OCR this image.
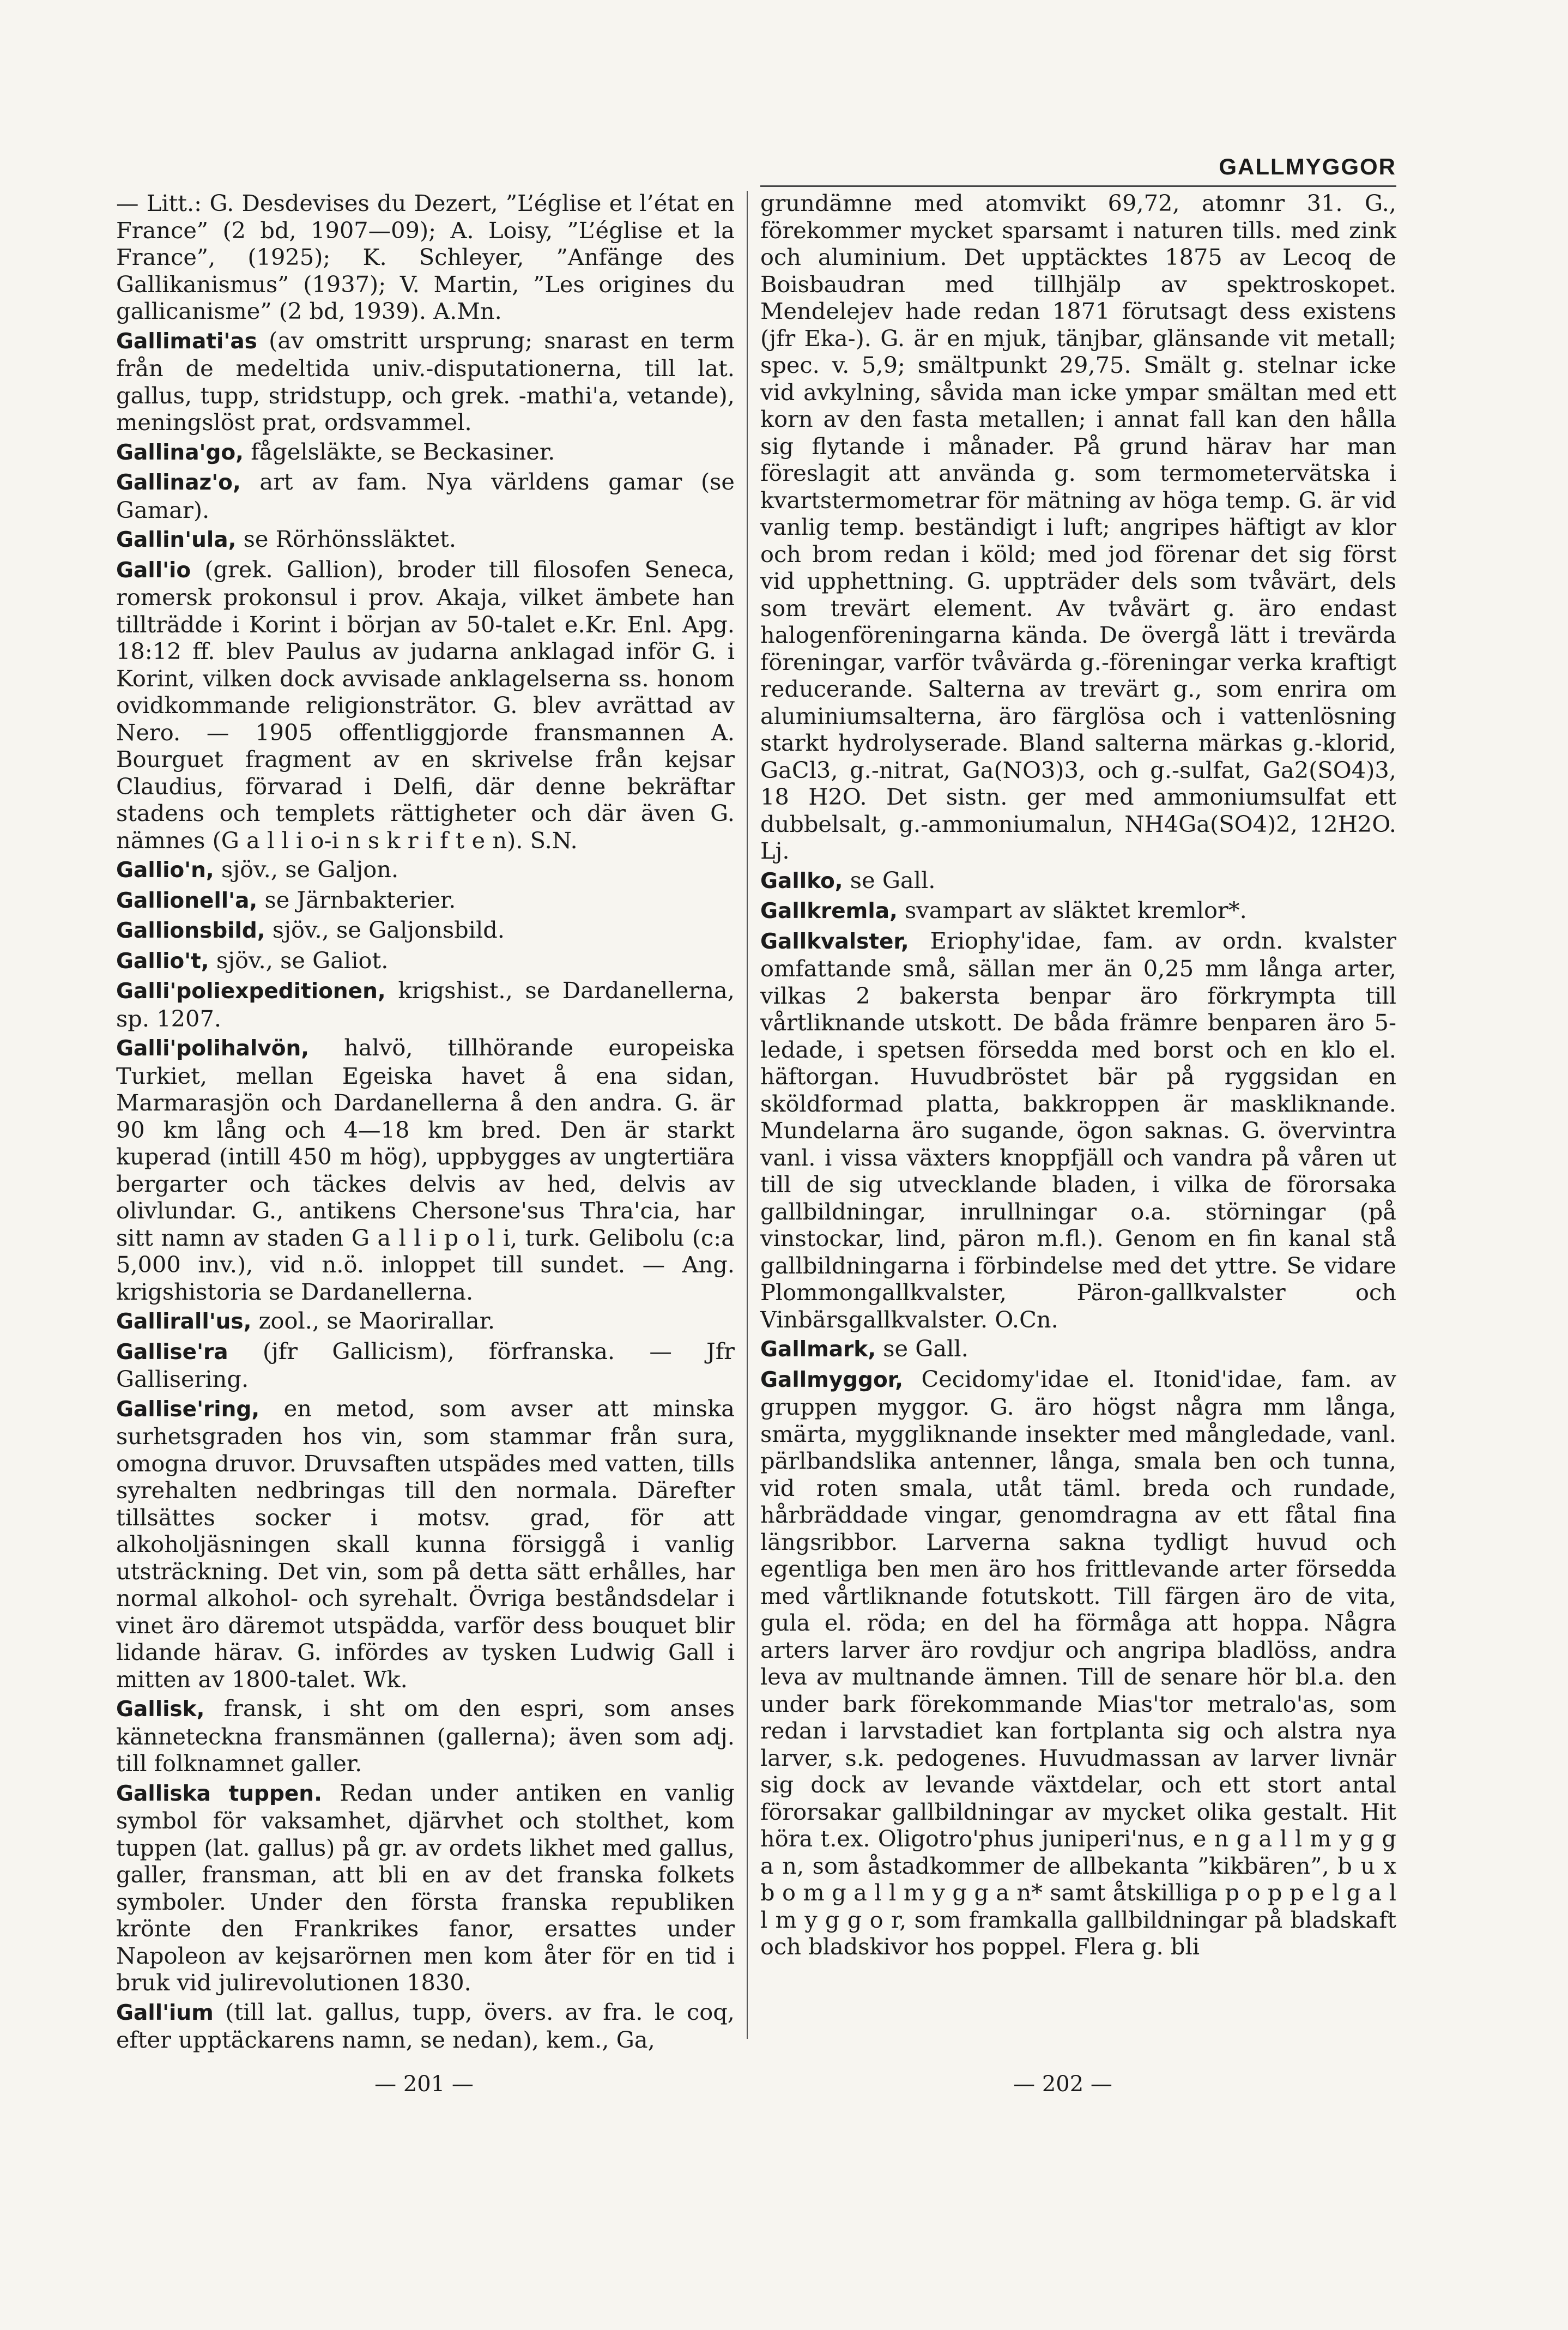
GALLMYGGOR

— Litt.: G. Desdevises du Dezert, ”L’église et l’état en France” (2 bd, 1907—09); A. Loisy, ”L’église et la France”, (1925); K. Schleyer, ”Anfänge des Gallikanismus” (1937); V. Martin, ”Les origines du gallicanisme” (2 bd, 1939). A.Mn.

Gallimati'as (av omstritt ursprung; snarast en term från de medeltida univ.-disputationerna, till lat. gallus, tupp, stridstupp, och grek. -mathi'a, vetande), meningslöst prat, ordsvammel.

Gallina'go, fågelsläkte, se Beckasiner.

Gallinaz'o, art av fam. Nya världens gamar (se Gamar).

Gallin'ula, se Rörhönssläktet.

Gall'io (grek. Gallion), broder till filosofen Seneca, romersk prokonsul i prov. Akaja, vilket ämbete han tillträdde i Korint i början av 50-talet e.Kr. Enl. Apg. 18:12 ff. blev Paulus av judarna anklagad inför G. i Korint, vilken dock avvisade anklagelserna ss. honom ovidkommande religionsträtor. G. blev avrättad av Nero. — 1905 offentliggjorde fransmannen A. Bourguet fragment av en skrivelse från kejsar Claudius, förvarad i Delfi, där denne bekräftar stadens och templets rättigheter och där även G. nämnes (G a l l i o-i n s k r i f t e n). S.N.

Gallio'n, sjöv., se Galjon.

Gallionell'a, se Järnbakterier.

Gallionsbild, sjöv., se Galjonsbild.

Gallio't, sjöv., se Galiot.

Galli'poliexpeditionen, krigshist., se Dardanellerna, sp. 1207.

Galli'polihalvön, halvö, tillhörande europeiska Turkiet, mellan Egeiska havet å ena sidan, Marmarasjön och Dardanellerna å den andra. G. är 90 km lång och 4—18 km bred. Den är starkt kuperad (intill 450 m hög), uppbygges av ungtertiära bergarter och täckes delvis av hed, delvis av olivlundar. G., antikens Chersone'sus Thra'cia, har sitt namn av staden G a l l i p o l i, turk. Gelibolu (c:a 5,000 inv.), vid n.ö. inloppet till sundet. — Ang. krigshistoria se Dardanellerna.

Gallirall'us, zool., se Maorirallar.

Gallise'ra (jfr Gallicism), förfranska. — Jfr Gallisering.

Gallise'ring, en metod, som avser att minska surhetsgraden hos vin, som stammar från sura, omogna druvor. Druvsaften utspädes med vatten, tills syrehalten nedbringas till den normala. Därefter tillsättes socker i motsv. grad, för att alkoholjäsningen skall kunna försiggå i vanlig utsträckning. Det vin, som på detta sätt erhålles, har normal alkohol- och syrehalt. Övriga beståndsdelar i vinet äro däremot utspädda, varför dess bouquet blir lidande härav. G. infördes av tysken Ludwig Gall i mitten av 1800-talet. Wk.

Gallisk, fransk, i sht om den espri, som anses känneteckna fransmännen (gallerna); även som adj. till folknamnet galler.

Galliska tuppen. Redan under antiken en vanlig symbol för vaksamhet, djärvhet och stolthet, kom tuppen (lat. gallus) på gr. av ordets likhet med gallus, galler, fransman, att bli en av det franska folkets symboler. Under den första franska republiken krönte den Frankrikes fanor, ersattes under Napoleon av kejsarörnen men kom åter för en tid i bruk vid julirevolutionen 1830.

Gall'ium (till lat. gallus, tupp, övers. av fra. le coq, efter upptäckarens namn, se nedan), kem., Ga,

grundämne med atomvikt 69,72, atomnr 31. G., förekommer mycket sparsamt i naturen tills. med zink och aluminium. Det upptäcktes 1875 av Lecoq de Boisbaudran med tillhjälp av spektroskopet. Mendelejev hade redan 1871 förutsagt dess existens (jfr Eka-). G. är en mjuk, tänjbar, glänsande vit metall; spec. v. 5,9; smältpunkt 29,75. Smält g. stelnar icke vid avkylning, såvida man icke ympar smältan med ett korn av den fasta metallen; i annat fall kan den hålla sig flytande i månader. På grund härav har man föreslagit att använda g. som termometervätska i kvartstermometrar för mätning av höga temp. G. är vid vanlig temp. beständigt i luft; angripes häftigt av klor och brom redan i köld; med jod förenar det sig först vid upphettning. G. uppträder dels som tvåvärt, dels som trevärt element. Av tvåvärt g. äro endast halogenföreningarna kända. De övergå lätt i trevärda föreningar, varför tvåvärda g.-föreningar verka kraftigt reducerande. Salterna av trevärt g., som enrira om aluminiumsalterna, äro färglösa och i vattenlösning starkt hydrolyserade. Bland salterna märkas g.-klorid, GaCl3, g.-nitrat, Ga(NO3)3, och g.-sulfat, Ga2(SO4)3, 18 H2O. Det sistn. ger med ammoniumsulfat ett dubbelsalt, g.-ammoniumalun, NH4Ga(SO4)2, 12H2O. Lj.

Gallko, se Gall.

Gallkremla, svampart av släktet kremlor*.

Gallkvalster, Eriophy'idae, fam. av ordn. kvalster omfattande små, sällan mer än 0,25 mm långa arter, vilkas 2 bakersta benpar äro förkrympta till vårtliknande utskott. De båda främre benparen äro 5-ledade, i spetsen försedda med borst och en klo el. häftorgan. Huvudbröstet bär på ryggsidan en sköldformad platta, bakkroppen är maskliknande. Mundelarna äro sugande, ögon saknas. G. övervintra vanl. i vissa växters knoppfjäll och vandra på våren ut till de sig utvecklande bladen, i vilka de förorsaka gallbildningar, inrullningar o.a. störningar (på vinstockar, lind, päron m.fl.). Genom en fin kanal stå gallbildningarna i förbindelse med det yttre. Se vidare Plommongallkvalster, Päron-gallkvalster och Vinbärsgallkvalster. O.Cn.

Gallmark, se Gall.

Gallmyggor, Cecidomy'idae el. Itonid'idae, fam. av gruppen myggor. G. äro högst några mm långa, smärta, myggliknande insekter med mångledade, vanl. pärlbandslika antenner, långa, smala ben och tunna, vid roten smala, utåt täml. breda och rundade, hårbräddade vingar, genomdragna av ett fåtal fina längsribbor. Larverna sakna tydligt huvud och egentliga ben men äro hos frittlevande arter försedda med vårtliknande fotutskott. Till färgen äro de vita, gula el. röda; en del ha förmåga att hoppa. Några arters larver äro rovdjur och angripa bladlöss, andra leva av multnande ämnen. Till de senare hör bl.a. den under bark förekommande Mias'tor metralo'as, som redan i larvstadiet kan fortplanta sig och alstra nya larver, s.k. pedogenes. Huvudmassan av larver livnär sig dock av levande växtdelar, och ett stort antal förorsakar gallbildningar av mycket olika gestalt. Hit höra t.ex. Oligotro'phus juniperi'nus, e n g a l l m y g g a n, som åstadkommer de allbekanta ”kikbären”, b u x b o m g a l l m y g g a n* samt åtskilliga p o p p e l g a l l m y g g o r, som framkalla gallbildningar på bladskaft och bladskivor hos poppel. Flera g. bli

— 201 —	— 202 —
